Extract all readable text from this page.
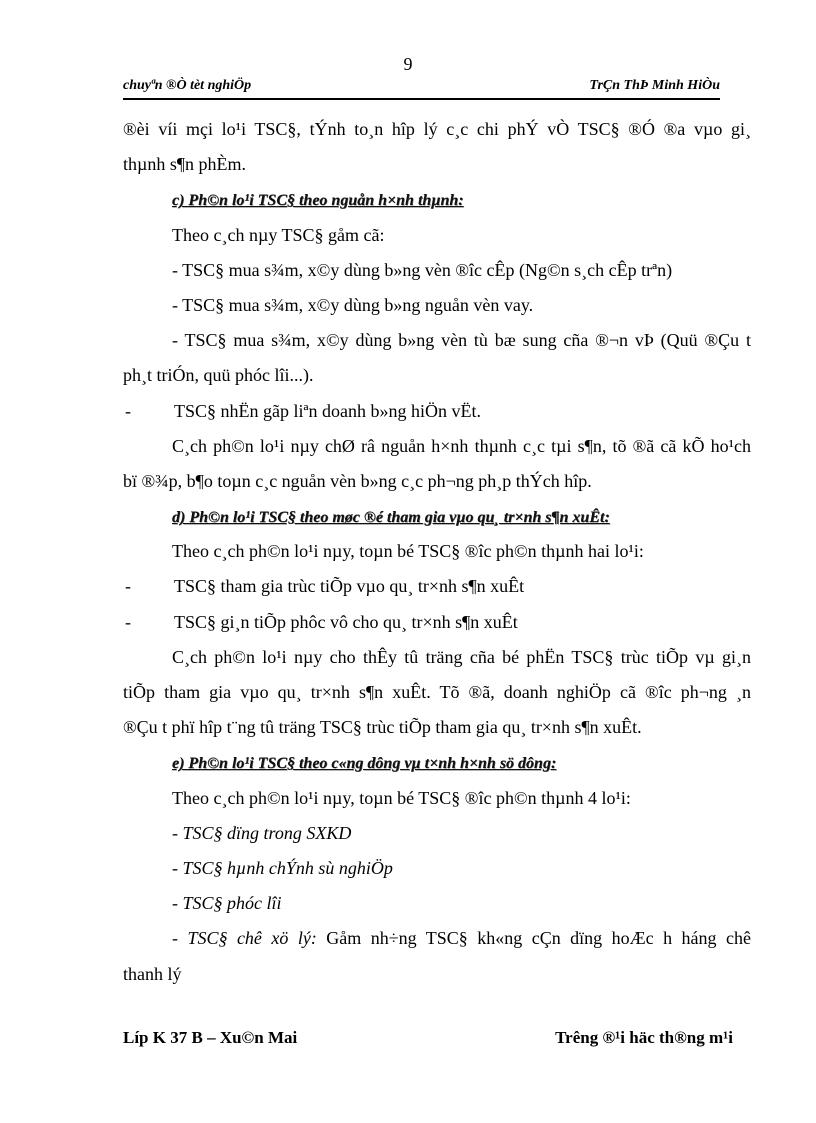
9
chuyªn ®Ò tèt nghiÖp	TrÇn ThÞ Minh HiÒu
®èi víi mçi lo¹i TSC§, tÝnh to¸n hîp lý c¸c chi phÝ vÒ TSC§ ®Ó ®a vµo gi¸
thµnh s¶n phÈm.
c) Ph©n lo¹i TSC§ theo nguån h×nh thµnh:
Theo c¸ch nµy TSC§ gåm cã:
- TSC§ mua s¾m, x©y dùng b»ng vèn ®îc cÊp (Ng©n s¸ch cÊp trªn)
- TSC§ mua s¾m, x©y dùng b»ng nguån vèn vay.
- TSC§ mua s¾m, x©y dùng b»ng vèn tù bæ sung cña ®¬n vÞ (Quü ®Çu t
ph¸t triÓn, quü phóc lîi...).
- TSC§ nhËn gãp liªn doanh b»ng hiÖn vËt.
C¸ch ph©n lo¹i nµy chØ râ nguån h×nh thµnh c¸c tµi s¶n, tõ ®ã cã kÕ ho¹ch
bï ®¾p, b¶o toµn c¸c nguån vèn b»ng c¸c ph¬ng ph¸p thÝch hîp.
d) Ph©n lo¹i TSC§ theo møc ®é tham gia vµo qu¸ tr×nh s¶n xuÊt:
Theo c¸ch ph©n lo¹i nµy, toµn bé TSC§ ®îc ph©n thµnh hai lo¹i:
- TSC§ tham gia trùc tiÕp vµo qu¸ tr×nh s¶n xuÊt
- TSC§ gi¸n tiÕp phôc vô cho qu¸ tr×nh s¶n xuÊt
C¸ch ph©n lo¹i nµy cho thÊy tû träng cña bé phËn TSC§ trùc tiÕp vµ gi¸n
tiÕp tham gia vµo qu¸ tr×nh s¶n xuÊt. Tõ ®ã, doanh nghiÖp cã ®îc ph¬ng ¸n
®Çu t phï hîp t¨ng tû träng TSC§ trùc tiÕp tham gia qu¸ tr×nh s¶n xuÊt.
e) Ph©n lo¹i TSC§ theo c«ng dông vµ t×nh h×nh sö dông:
Theo c¸ch ph©n lo¹i nµy, toµn bé TSC§ ®îc ph©n thµnh 4 lo¹i:
- TSC§ dïng trong SXKD
- TSC§ hµnh chÝnh sù nghiÖp
- TSC§ phóc lîi
- TSC§ chê xö lý: Gåm nh÷ng TSC§ kh«ng cÇn dïng hoÆc h háng chê
thanh lý
Líp K 37 B – Xu©n Mai	Trêng ®¹i häc th®ng m¹i
